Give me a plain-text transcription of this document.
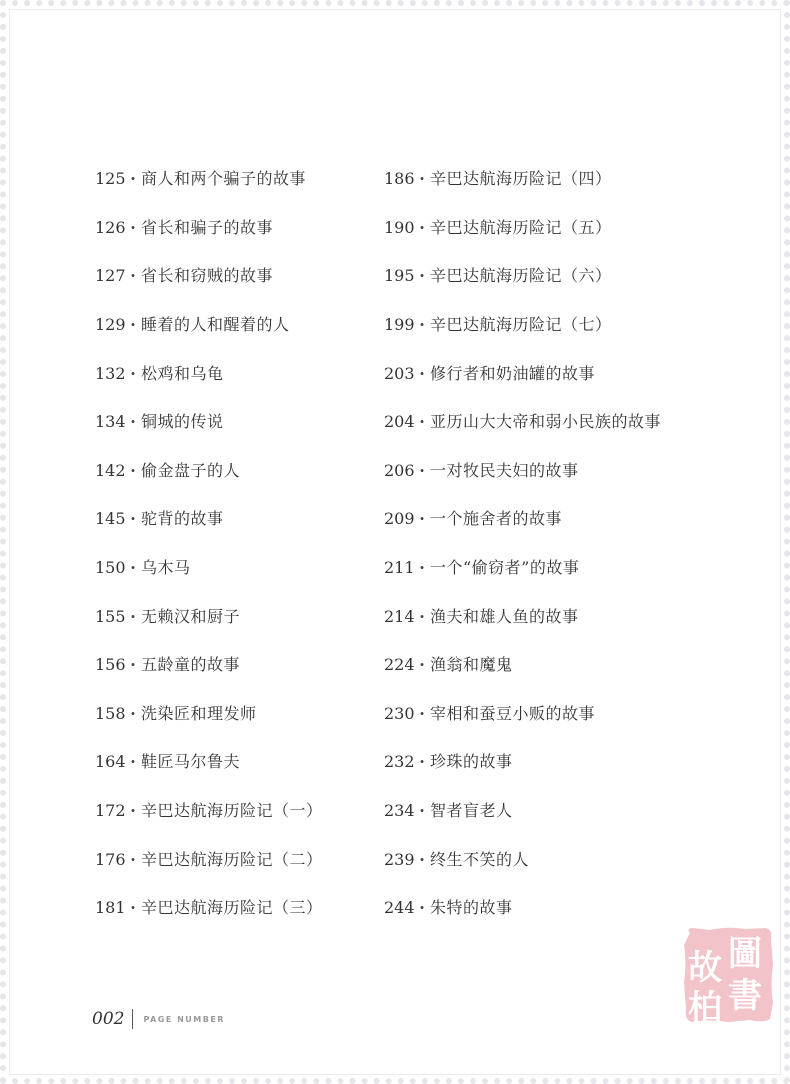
125 · 商人和两个骗子的故事
126 · 省长和骗子的故事
127 · 省长和窃贼的故事
129 · 睡着的人和醒着的人
132 · 松鸡和乌龟
134 · 铜城的传说
142 · 偷金盘子的人
145 · 驼背的故事
150 · 乌木马
155 · 无赖汉和厨子
156 · 五龄童的故事
158 · 洗染匠和理发师
164 · 鞋匠马尔鲁夫
172 · 辛巴达航海历险记（一）
176 · 辛巴达航海历险记（二）
181 · 辛巴达航海历险记（三）
186 · 辛巴达航海历险记（四）
190 · 辛巴达航海历险记（五）
195 · 辛巴达航海历险记（六）
199 · 辛巴达航海历险记（七）
203 · 修行者和奶油罐的故事
204 · 亚历山大大帝和弱小民族的故事
206 · 一对牧民夫妇的故事
209 · 一个施舍者的故事
211 · 一个“偷窃者”的故事
214 · 渔夫和雄人鱼的故事
224 · 渔翁和魔鬼
230 · 宰相和蚕豆小贩的故事
232 · 珍珠的故事
234 · 智者盲老人
239 · 终生不笑的人
244 · 朱特的故事
002 PAGE NUMBER
圖
書
故
柏
